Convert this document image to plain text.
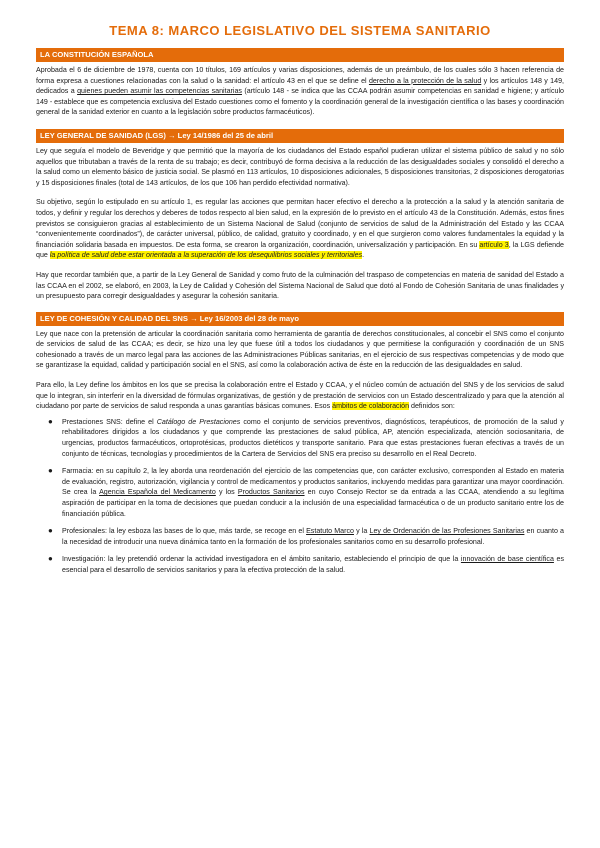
TEMA 8: MARCO LEGISLATIVO DEL SISTEMA SANITARIO
LA CONSTITUCIÓN ESPAÑOLA

Aprobada el 6 de diciembre de 1978, cuenta con 10 títulos, 169 artículos y varias disposiciones, además de un preámbulo, de los cuales sólo 3 hacen referencia de forma expresa a cuestiones relacionadas con la salud o la sanidad: el artículo 43 en el que se define el derecho a la protección de la salud y los artículos 148 y 149, dedicados a quienes pueden asumir las competencias sanitarias (artículo 148 - se indica que las CCAA podrán asumir competencias en sanidad e higiene; y artículo 149 - establece que es competencia exclusiva del Estado cuestiones como el fomento y la coordinación general de la investigación científica o las bases y coordinación general de la sanidad exterior en cuanto a la legislación sobre productos farmacéuticos).

LEY GENERAL DE SANIDAD (LGS) → Ley 14/1986 del 25 de abril

Ley que seguía el modelo de Beveridge y que permitió que la mayoría de los ciudadanos del Estado español pudieran utilizar el sistema público de salud y no sólo aquellos que tributaban a través de la renta de su trabajo; es decir, contribuyó de forma decisiva a la reducción de las desigualdades sociales y consolidó el derecho a la salud como un elemento básico de justicia social. Se plasmó en 113 artículos, 10 disposiciones adicionales, 5 disposiciones transitorias, 2 disposiciones derogatorias y 15 disposiciones finales (total de 143 artículos, de los que 106 han perdido efectividad normativa).

Su objetivo, según lo estipulado en su artículo 1, es regular las acciones que permitan hacer efectivo el derecho a la protección a la salud y la atención sanitaria de todos, y definir y regular los derechos y deberes de todos respecto al bien salud, en la expresión de lo previsto en el artículo 43 de la Constitución. Además, estos fines previstos se consiguieron gracias al establecimiento de un Sistema Nacional de Salud (conjunto de servicios de salud de la Administración del Estado y las CCAA “convenientemente coordinados”), de carácter universal, público, de calidad, gratuito y coordinado, y en el que surgieron como valores fundamentales la equidad y la financiación solidaria basada en impuestos. De esta forma, se crearon la organización, coordinación, universalización y participación. En su artículo 3, la LGS defiende que la política de salud debe estar orientada a la superación de los desequilibrios sociales y territoriales.

Hay que recordar también que, a partir de la Ley General de Sanidad y como fruto de la culminación del traspaso de competencias en materia de sanidad del Estado a las CCAA en el 2002, se elaboró, en 2003, la Ley de Calidad y Cohesión del Sistema Nacional de Salud que dotó al Fondo de Cohesión Sanitaria de unas finalidades y un presupuesto para corregir desigualdades y asegurar la cohesión sanitaria.

LEY DE COHESIÓN Y CALIDAD DEL SNS → Ley 16/2003 del 28 de mayo

Ley que nace con la pretensión de articular la coordinación sanitaria como herramienta de garantía de derechos constitucionales, al concebir el SNS como el conjunto de servicios de salud de las CCAA; es decir, se hizo una ley que fuese útil a todos los ciudadanos y que permitiese la configuración y coordinación de un SNS cohesionado a través de un marco legal para las acciones de las Administraciones Públicas sanitarias, en el ejercicio de sus respectivas competencias y de modo que se garantizase la equidad, calidad y participación social en el SNS, así como la colaboración activa de éste en la reducción de las desigualdades en salud.

Para ello, la Ley define los ámbitos en los que se precisa la colaboración entre el Estado y CCAA, y el núcleo común de actuación del SNS y de los servicios de salud que lo integran, sin interferir en la diversidad de fórmulas organizativas, de gestión y de prestación de servicios con un Estado descentralizado y para que la atención al ciudadano por parte de servicios de salud responda a unas garantías básicas comunes. Esos ámbitos de colaboración definidos son:

● Prestaciones SNS: define el Catálogo de Prestaciones como el conjunto de servicios preventivos, diagnósticos, terapéuticos, de promoción de la salud y rehabilitadores dirigidos a los ciudadanos y que comprende las prestaciones de salud pública, AP, atención especializada, atención sociosanitaria, de urgencias, productos farmacéuticos, ortoprotésicas, productos dietéticos y transporte sanitario. Para que estas prestaciones fueran efectivas a través de un conjunto de técnicas, tecnologías y procedimientos de la Cartera de Servicios del SNS era preciso su desarrollo en el Real Decreto.
● Farmacia: en su capítulo 2, la ley aborda una reordenación del ejercicio de las competencias que, con carácter exclusivo, corresponden al Estado en materia de evaluación, registro, autorización, vigilancia y control de medicamentos y productos sanitarios, incluyendo medidas para garantizar una mayor coordinación. Se crea la Agencia Española del Medicamento y los Productos Sanitarios en cuyo Consejo Rector se da entrada a las CCAA, atendiendo a su legítima aspiración de participar en la toma de decisiones que puedan conducir a la inclusión de una especialidad farmacéutica o de un producto sanitario entre los de financiación pública.
● Profesionales: la ley esboza las bases de lo que, más tarde, se recoge en el Estatuto Marco y la Ley de Ordenación de las Profesiones Sanitarias en cuanto a la necesidad de introducir una nueva dinámica tanto en la formación de los profesionales sanitarios como en su desarrollo profesional.
● Investigación: la ley pretendió ordenar la actividad investigadora en el ámbito sanitario, estableciendo el principio de que la innovación de base científica es esencial para el desarrollo de servicios sanitarios y para la efectiva protección de la salud.
